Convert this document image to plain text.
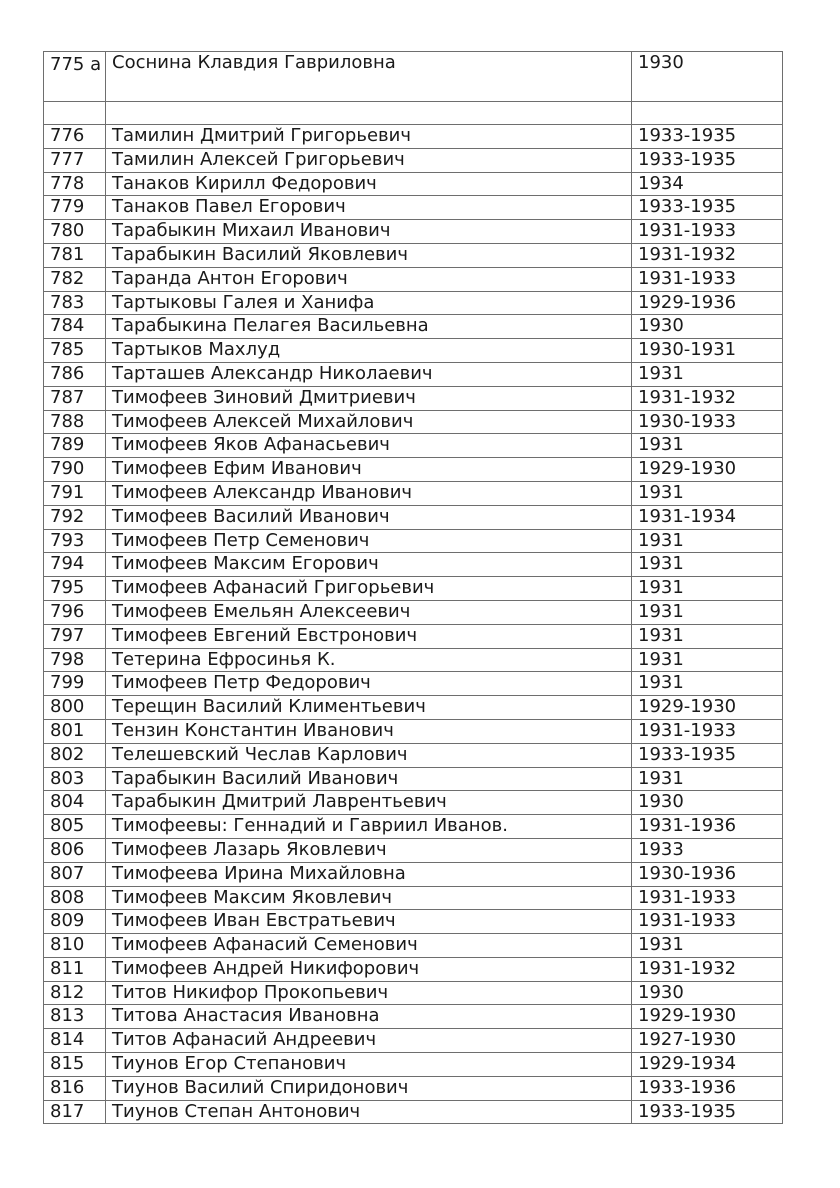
775 а	Соснина Клавдия Гавриловна	1930

776	Тамилин Дмитрий Григорьевич	1933-1935
777	Тамилин Алексей Григорьевич	1933-1935
778	Танаков Кирилл Федорович	1934
779	Танаков Павел Егорович	1933-1935
780	Тарабыкин Михаил Иванович	1931-1933
781	Тарабыкин Василий Яковлевич	1931-1932
782	Таранда Антон Егорович	1931-1933
783	Тартыковы Галея и Ханифа	1929-1936
784	Тарабыкина Пелагея Васильевна	1930
785	Тартыков Махлуд	1930-1931
786	Тарташев Александр Николаевич	1931
787	Тимофеев Зиновий Дмитриевич	1931-1932
788	Тимофеев Алексей Михайлович	1930-1933
789	Тимофеев Яков Афанасьевич	1931
790	Тимофеев Ефим Иванович	1929-1930
791	Тимофеев Александр Иванович	1931
792	Тимофеев Василий Иванович	1931-1934
793	Тимофеев Петр Семенович	1931
794	Тимофеев Максим Егорович	1931
795	Тимофеев Афанасий Григорьевич	1931
796	Тимофеев Емельян Алексеевич	1931
797	Тимофеев Евгений Евстронович	1931
798	Тетерина Ефросинья К.	1931
799	Тимофеев Петр Федорович	1931
800	Терещин Василий Климентьевич	1929-1930
801	Тензин Константин Иванович	1931-1933
802	Телешевский Чеслав Карлович	1933-1935
803	Тарабыкин Василий Иванович	1931
804	Тарабыкин Дмитрий Лаврентьевич	1930
805	Тимофеевы: Геннадий и Гавриил Иванов.	1931-1936
806	Тимофеев Лазарь Яковлевич	1933
807	Тимофеева Ирина Михайловна	1930-1936
808	Тимофеев Максим Яковлевич	1931-1933
809	Тимофеев Иван Евстратьевич	1931-1933
810	Тимофеев Афанасий Семенович	1931
811	Тимофеев Андрей Никифорович	1931-1932
812	Титов Никифор Прокопьевич	1930
813	Титова Анастасия Ивановна	1929-1930
814	Титов Афанасий Андреевич	1927-1930
815	Тиунов Егор Степанович	1929-1934
816	Тиунов Василий Спиридонович	1933-1936
817	Тиунов Степан Антонович	1933-1935
